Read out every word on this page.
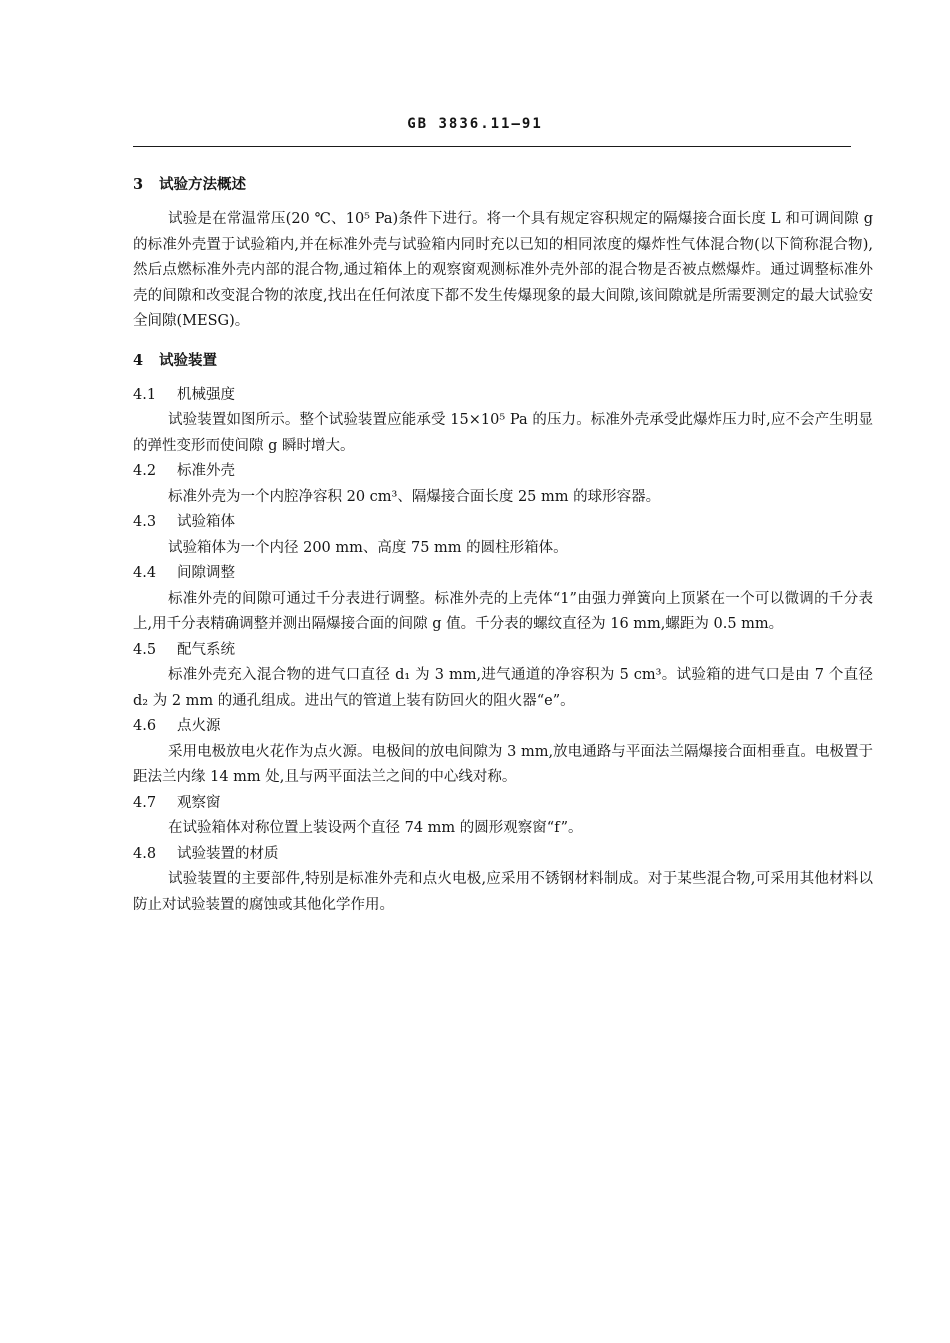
GB 3836.11—91
3 试验方法概述

试验是在常温常压(20 ℃、10⁵ Pa)条件下进行。将一个具有规定容积规定的隔爆接合面长度 L 和可调间隙 g 的标准外壳置于试验箱内,并在标准外壳与试验箱内同时充以已知的相同浓度的爆炸性气体混合物(以下简称混合物),然后点燃标准外壳内部的混合物,通过箱体上的观察窗观测标准外壳外部的混合物是否被点燃爆炸。通过调整标准外壳的间隙和改变混合物的浓度,找出在任何浓度下都不发生传爆现象的最大间隙,该间隙就是所需要测定的最大试验安全间隙(MESG)。

4 试验装置
4.1 机械强度

试验装置如图所示。整个试验装置应能承受 15×10⁵ Pa 的压力。标准外壳承受此爆炸压力时,应不会产生明显的弹性变形而使间隙 g 瞬时增大。

4.2 标准外壳

标准外壳为一个内腔净容积 20 cm³、隔爆接合面长度 25 mm 的球形容器。

4.3 试验箱体

试验箱体为一个内径 200 mm、高度 75 mm 的圆柱形箱体。

4.4 间隙调整

标准外壳的间隙可通过千分表进行调整。标准外壳的上壳体“1”由强力弹簧向上顶紧在一个可以微调的千分表上,用千分表精确调整并测出隔爆接合面的间隙 g 值。千分表的螺纹直径为 16 mm,螺距为 0.5 mm。

4.5 配气系统

标准外壳充入混合物的进气口直径 d₁ 为 3 mm,进气通道的净容积为 5 cm³。试验箱的进气口是由 7 个直径 d₂ 为 2 mm 的通孔组成。进出气的管道上装有防回火的阻火器“e”。

4.6 点火源

采用电极放电火花作为点火源。电极间的放电间隙为 3 mm,放电通路与平面法兰隔爆接合面相垂直。电极置于距法兰内缘 14 mm 处,且与两平面法兰之间的中心线对称。

4.7 观察窗

在试验箱体对称位置上装设两个直径 74 mm 的圆形观察窗“f”。

4.8 试验装置的材质

试验装置的主要部件,特别是标准外壳和点火电极,应采用不锈钢材料制成。对于某些混合物,可采用其他材料以防止对试验装置的腐蚀或其他化学作用。
